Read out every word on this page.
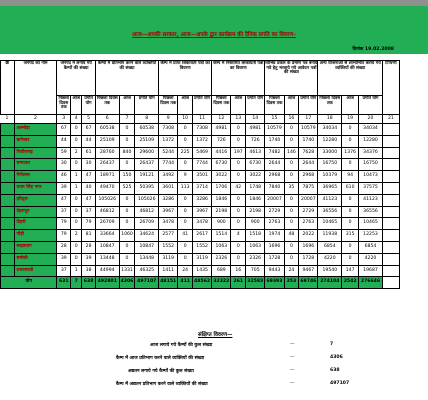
आज—अपकी सरकार, आज—अपके द्वार कार्यक्रम की दैनिक प्रगति का विवरण–
दिनांक 19.02.2008
क्र	जनपद का नाम	जनपद में लगाये गये कैम्पों की संख्या			कैम्पों में प्रतिभाग करने वाले व्यक्तियों की संख्या			कैम्प में प्राप्त शिकायती पत्रों का विवरण			कैम्प में निस्तारित शिकायती पत्रों का विवरण			विभिन्न प्रकार के प्रमाण पत्र बनाये गये हेतु भरवाये गये आवेदन पत्रों की संख्या			अन्य योजनाओं से लाभान्वित कराये गये व्यक्तियों की संख्या			टिप्पणी
		पिछला दिवस तक	आज	प्रगति योग	पिछला दिवस तक	आज	प्रगति योग	पिछला दिवस तक	आज	प्रगति योग	पिछला दिवस तक	आज	प्रगति योग	पिछला दिवस तक	आज	प्रगति योग	पिछला दिवस तक	आज	प्रगति योग	
1	2	3	4	5	6	7	8	9	10	11	12	13	14	15	16	17	18	19	20	21
	अल्मोड़ा	67	0	67	60538	0	60538	7308	0	7308	4981	0	4981	10579	0	10579	34034	0	34034	
	बागेश्वर	44	0	44	25109	0	25109	1372	0	1372	726	0	726	1740	0	1740	12280	0	12280	
	पिथौरागढ़	59	2	61	28760	840	29600	5244	225	5469	4416	197	4613	7482	146	7628	33000	1376	34376	
	चम्पावत	30	0	30	26437	0	26437	7744	0	7744	6730	0	6730	2644	0	2644	16750	0	16750	
	नैनीताल	46	1	47	18971	150	19121	3492	9	3501	3022	0	3022	2968	0	2968	10379	94	10473	
	उधम सिंह नगर	39	1	40	49470	525	50395	3601	113	3714	1706	42	1748	7840	35	7875	36965	610	37575	
	हरिद्वार	47	0	47	105026	0	105026	3286	0	3286	1846	0	1846	20007	0	20007	41123	0	41123	
	देहरादून	37	0	37	46812	0	46812	3967	0	3967	2198	0	2198	2729	0	2729	36556	0	36556	
	टिहरी	79	0	79	26709	0	26709	3478	0	3478	900	0	900	2763	0	2763	10465	0	10465	
	पौड़ी	79	2	81	33664	1060	34624	2577	41	2617	1514	4	1518	1974	48	2022	11938	315	12253	
	रूद्रप्रयाग	28	0	28	10847	0	10847	1552	0	1552	1063	0	1063	1696	0	1696	6854	0	6854	
	चमोली	39	0	39	13448	0	13448	3119	0	3119	2326	0	2326	1728	0	1728	4220	0	4220	
	उत्तरकाशी	37	1	38	44994	1331	46325	1411	24	1435	689	16	705	9443	24	9467	19540	147	19687	
योग		631	7	638	492801	4306	497107	48151	411	48562	32322	261	32583	69393	353	69746	274104	2542	276646	
संक्षिप्त विवरण—
आज लगाये गये कैम्पों की कुल संख्या	—	7
कैम्प में आज प्रतिभाग करने वाले व्यक्तियों की संख्या	—	4306
अद्यतन लगाये गये कैम्पों की कुल संख्या	—	638
कैम्प में अद्यतन प्रतिभाग करने वाले व्यक्तियों की संख्या	—	497107
